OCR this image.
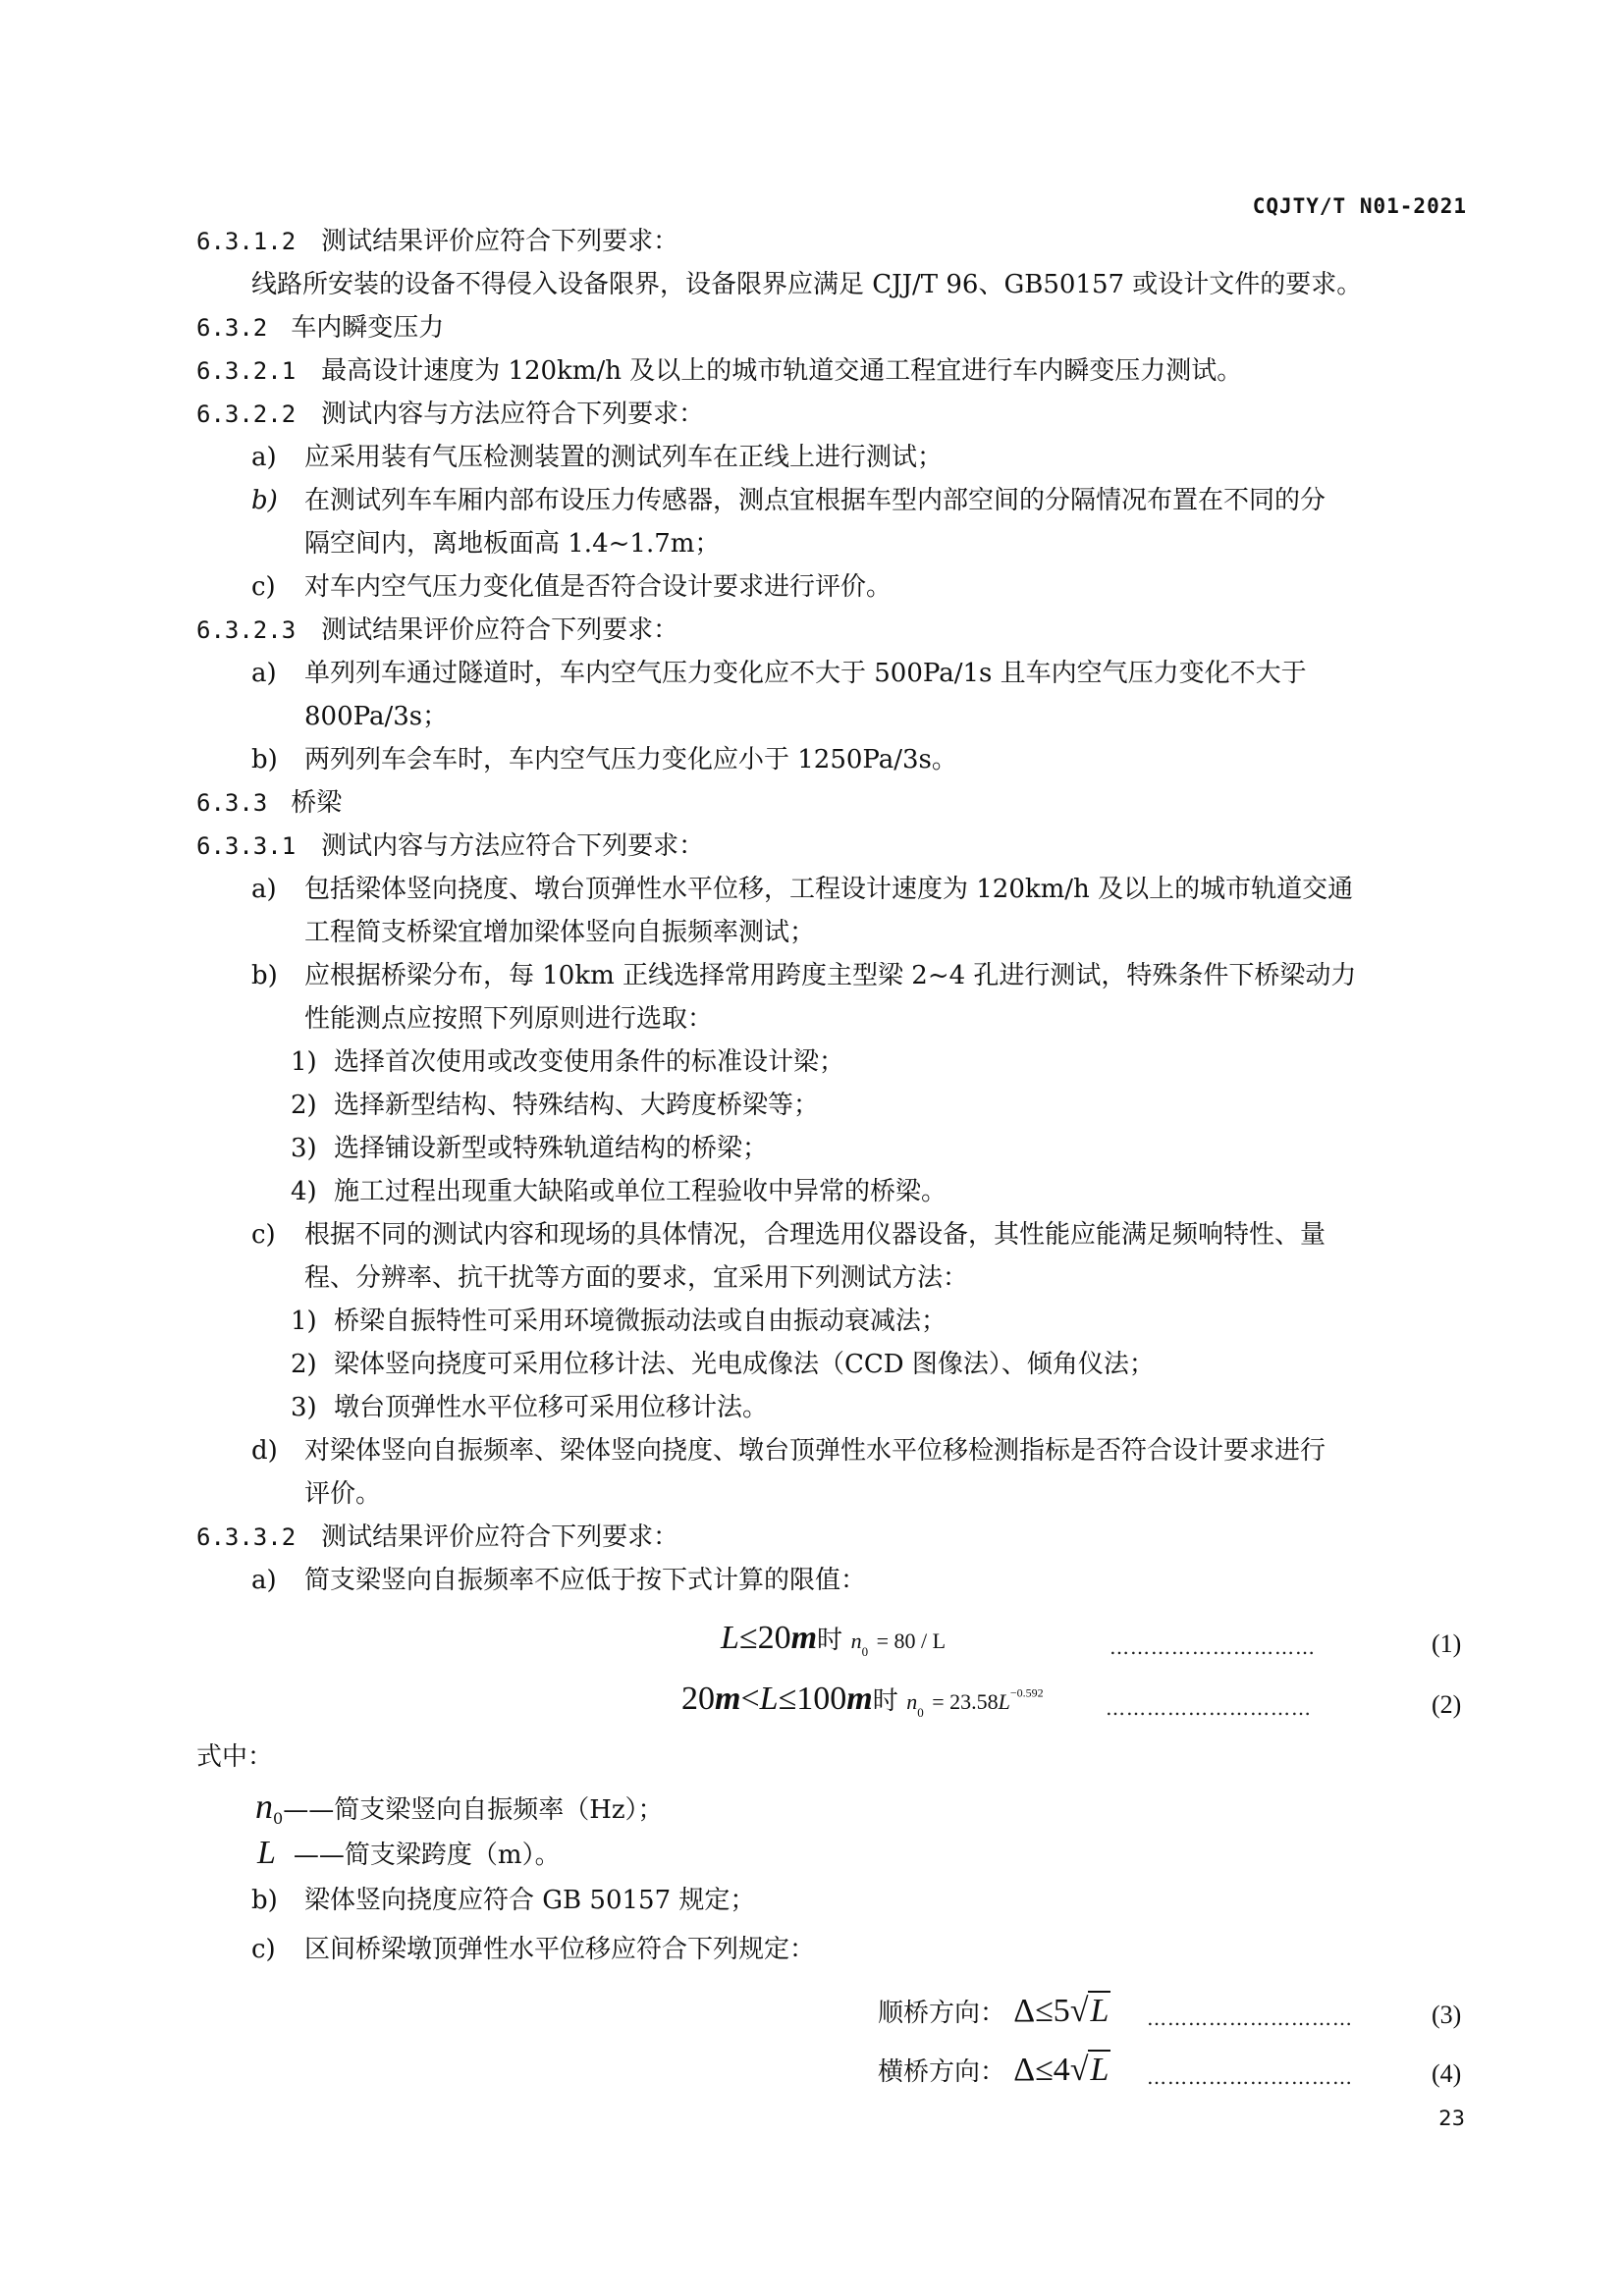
CQJTY/T N01-2021
6.3.1.2 测试结果评价应符合下列要求：
线路所安装的设备不得侵入设备限界，设备限界应满足 CJJ/T 96、GB50157 或设计文件的要求。
6.3.2 车内瞬变压力
6.3.2.1 最高设计速度为 120km/h 及以上的城市轨道交通工程宜进行车内瞬变压力测试。
6.3.2.2 测试内容与方法应符合下列要求：
a) 应采用装有气压检测装置的测试列车在正线上进行测试；
b) 在测试列车车厢内部布设压力传感器，测点宜根据车型内部空间的分隔情况布置在不同的分
隔空间内，离地板面高 1.4~1.7m；
c) 对车内空气压力变化值是否符合设计要求进行评价。
6.3.2.3 测试结果评价应符合下列要求：
a) 单列列车通过隧道时，车内空气压力变化应不大于 500Pa/1s 且车内空气压力变化不大于
800Pa/3s；
b) 两列列车会车时，车内空气压力变化应小于 1250Pa/3s。
6.3.3 桥梁
6.3.3.1 测试内容与方法应符合下列要求：
a) 包括梁体竖向挠度、墩台顶弹性水平位移，工程设计速度为 120km/h 及以上的城市轨道交通
工程简支桥梁宜增加梁体竖向自振频率测试；
b) 应根据桥梁分布，每 10km 正线选择常用跨度主型梁 2~4 孔进行测试，特殊条件下桥梁动力
性能测点应按照下列原则进行选取：
1) 选择首次使用或改变使用条件的标准设计梁；
2) 选择新型结构、特殊结构、大跨度桥梁等；
3) 选择铺设新型或特殊轨道结构的桥梁；
4) 施工过程出现重大缺陷或单位工程验收中异常的桥梁。
c) 根据不同的测试内容和现场的具体情况，合理选用仪器设备，其性能应能满足频响特性、量
程、分辨率、抗干扰等方面的要求，宜采用下列测试方法：
1) 桥梁自振特性可采用环境微振动法或自由振动衰减法；
2) 梁体竖向挠度可采用位移计法、光电成像法（CCD 图像法）、倾角仪法；
3) 墩台顶弹性水平位移可采用位移计法。
d) 对梁体竖向自振频率、梁体竖向挠度、墩台顶弹性水平位移检测指标是否符合设计要求进行
评价。
6.3.3.2 测试结果评价应符合下列要求：
a) 简支梁竖向自振频率不应低于按下式计算的限值：
L≤20m时 $n_0 = 80 / L$	…………………………	(1)
20m<L≤100m时 $n_0 = 23.58L^{-0.592}$
…………………………	(2)
式中：
$n_0——$简支梁竖向自振频率（Hz）；
L ——简支梁跨度（m）。
b) 梁体竖向挠度应符合 GB 50157 规定；
c) 区间桥梁墩顶弹性水平位移应符合下列规定：
顺桥方向： Δ≤5√L …………………………	(3)
横桥方向： Δ≤4√L …………………………	(4)
23
